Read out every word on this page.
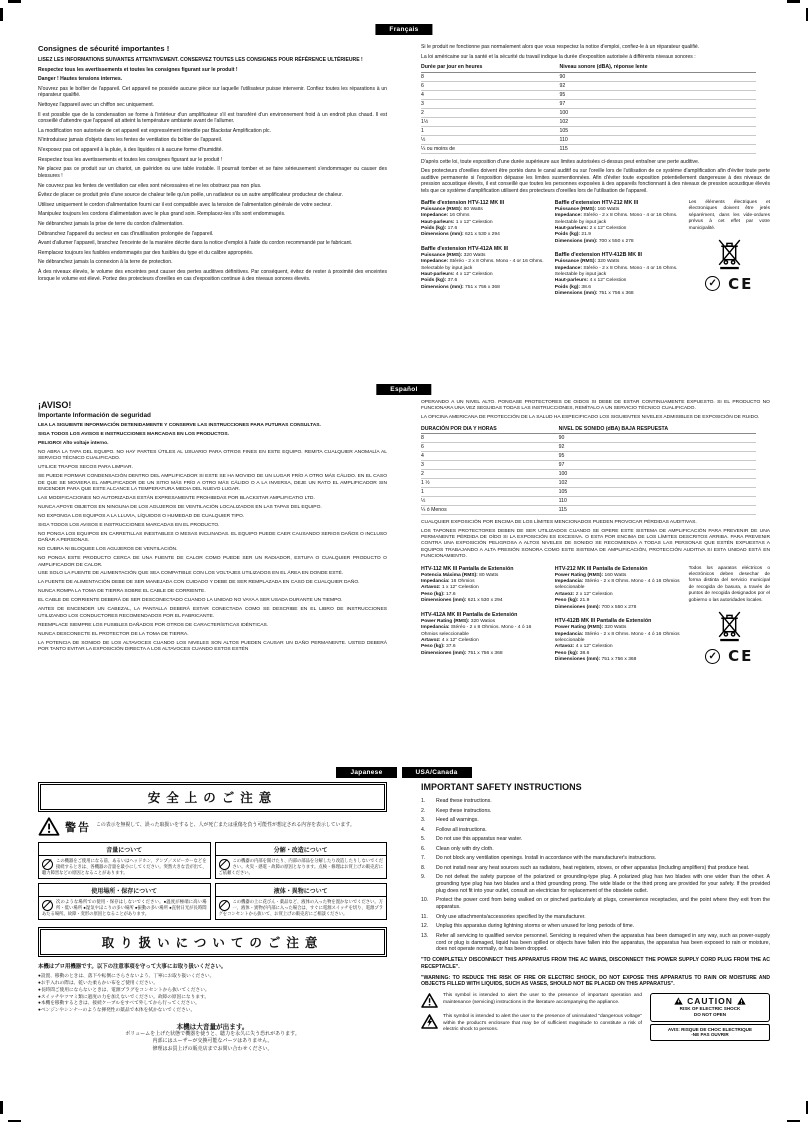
Français
Español
Japanese	USA/Canada
Consignes de sécurité importantes !

LISEZ LES INFORMATIONS SUIVANTES ATTENTIVEMENT. CONSERVEZ TOUTES LES CONSIGNES POUR RÉFÉRENCE ULTÉRIEURE !

Respectez tous les avertissements et toutes les consignes figurant sur le produit !

Danger ! Hautes tensions internes.

N'ouvrez pas le boîtier de l'appareil. Cet appareil ne possède aucune pièce sur laquelle l'utilisateur puisse intervenir. Confiez toutes les réparations à un réparateur qualifié.

Nettoyez l'appareil avec un chiffon sec uniquement.

Il est possible que de la condensation se forme à l'intérieur d'un amplificateur s'il est transféré d'un environnement froid à un endroit plus chaud. Il est conseillé d'attendre que l'appareil ait atteint la température ambiante avant de l'allumer.

La modification non autorisée de cet appareil est expressément interdite par Blackstar Amplification plc.

N'introduisez jamais d'objets dans les fentes de ventilation du boîtier de l'appareil.

N'exposez pas cet appareil à la pluie, à des liquides ni à aucune forme d'humidité.

Respectez tous les avertissements et toutes les consignes figurant sur le produit !

Ne placez pas ce produit sur un chariot, un guéridon ou une table instable. Il pourrait tomber et se faire sérieusement s'endommager ou causer des blessures !

Ne couvrez pas les fentes de ventilation car elles sont nécessaires et ne les obstruez pas non plus.

Évitez de placer ce produit près d'une source de chaleur telle qu'un poêle, un radiateur ou un autre amplificateur producteur de chaleur.

Utilisez uniquement le cordon d'alimentation fourni car il est compatible avec la tension de l'alimentation générale de votre secteur.

Manipulez toujours les cordons d'alimentation avec le plus grand soin. Remplacez-les s'ils sont endommagés.

Ne débranchez jamais la prise de terre du cordon d'alimentation.

Débranchez l'appareil du secteur en cas d'inutilisation prolongée de l'appareil.

Avant d'allumer l'appareil, branchez l'enceinte de la manière décrite dans la notice d'emploi à l'aide du cordon recommandé par le fabricant.

Remplacez toujours les fusibles endommagés par des fusibles du type et du calibre appropriés.

Ne débranchez jamais la connexion à la terre de protection.

À des niveaux élevés, le volume des enceintes peut causer des pertes auditives définitives. Par conséquent, évitez de rester à proximité des enceintes lorsque le volume est élevé. Portez des protecteurs d'oreilles en cas d'exposition continue à des niveaux sonores élevés.

Si le produit ne fonctionne pas normalement alors que vous respectez la notice d'emploi, confiez-le à un réparateur qualifié.

La loi américaine sur la santé et la sécurité du travail indique la durée d'exposition autorisée à différents niveaux sonores :

Durée par jour en heures	Niveau sonore (dBA), réponse lente
8	90
6	92
4	95
3	97
2	100
1½	102
1	105
½	110
¼ ou moins de	115

D'après cette loi, toute exposition d'une durée supérieure aux limites autorisées ci-dessus peut entraîner une perte auditive.

Des protecteurs d'oreilles doivent être portés dans le canal auditif ou sur l'oreille lors de l'utilisation de ce système d'amplification afin d'éviter toute perte auditive permanente si l'exposition dépasse les limites susmentionnées. Afin d'éviter toute exposition potentiellement dangereuse à des niveaux de pression acoustique élevés, il est conseillé que toutes les personnes exposées à des appareils fonctionnant à des niveaux de pression acoustique élevés tels que ce système d'amplification utilisent des protecteurs d'oreilles lors de l'utilisation de l'appareil.

Baffle d'extension HTV-112 MK III
Puissance (RMS): 80 Watts
Impedance: 16 Ohms
Haut-parleurs: 1 x 12" Celestion
Poids (kg): 17.6
Dimensions (mm): 621 x 530 x 294
Baffle d'extension HTV-412A MK III
Puissance (RMS): 320 Watts
Impedance: Stéréo - 2 x 8 Ohms. Mono - 4 or 16 Ohms. Selectable by input jack
Haut-parleurs: 4 x 12" Celestion
Poids (kg): 37.6
Dimensions (mm): 751 x 756 x 368
Baffle d'extension HTV-212 MK III
Puissance (RMS): 160 Watts
Impedance: Stéréo - 2 x 8 Ohms. Mono - 4 or 16 Ohms. Selectable by input jack
Haut-parleurs: 2 x 12" Celestion
Poids (kg): 21.9
Dimensions (mm): 700 x 550 x 278
Baffle d'extension HTV-412B MK III
Puissance (RMS): 320 Watts
Impedance: Stéréo - 2 x 8 Ohms. Mono - 4 or 16 Ohms. Selectable by input jack
Haut-parleurs: 4 x 12" Celestion
Poids (kg): 38.6
Dimensions (mm): 751 x 756 x 368

Les éléments électriques et électroniques doivent être jetés séparément, dans les vide-ordures prévus à cet effet par votre municipalité.

✓ CE
¡AVISO!
Importante Información de seguridad

LEA LA SIGUIENTE INFORMACIÓN DETENIDAMENTE Y CONSERVE LAS INSTRUCCIONES PARA FUTURAS CONSULTAS.

SIGA TODOS LOS AVISOS E INSTRUCCIONES MARCADAS EN LOS PRODUCTOS.

PELIGRO! Alto voltaje interno.

NO ABRA LA TAPA DEL EQUIPO. NO HAY PARTES ÚTILES AL USUARIO PARA OTROS FINES EN ESTE EQUIPO. REMITA CUALQUIER ANOMALÍA AL SERVICIO TÉCNICO CUALIFICADO.

UTILICE TRAPOS SECOS PARA LIMPIAR.

SE PUEDE FORMAR CONDENSACIÓN DENTRO DEL AMPLIFICADOR SI ESTE SE HA MOVIDO DE UN LUGAR FRÍO A OTRO MÁS CÁLIDO. EN EL CASO DE QUE SE MOVIERA EL AMPLIFICADOR DE UN SITIO MÁS FRÍO A OTRO MÁS CÁLIDO O A LA INVERSA, DEJE UN RATO EL AMPLIFICADOR SIN ENCENDER PARA QUE ESTE ALCANCE LA TEMPERATURA MEDIA DEL NUEVO LUGAR.

LAS MODIFICACIONES NO AUTORIZADAS ESTÁN EXPRESAMENTE PROHIBIDAS POR BLACKSTAR AMPLIFICATIO LTD.

NUNCA APOYE OBJETOS EN NINGUNA DE LOS AGUJEROS DE VENTILACIÓN LOCALIZADOS EN LAS TAPAS DEL EQUIPO.

NO EXPONGA LOS EQUIPOS A LA LLUVIA, LÍQUIDOS O HUMEDAD DE CUALQUIER TIPO.

SIGA TODOS LOS AVISOS E INSTRUCCIONES MARCADAS EN EL PRODUCTO.

NO PONGA LOS EQUIPOS EN CARRETILLAS INESTABLES O MESAS INCLINADAS. EL EQUIPO PUEDE CAER CAUSANDO SERIOS DAÑOS O INCLUSO DAÑAR A PERSONAS.

NO CUBRA NI BLOQUEE LOS AGUJEROS DE VENTILACIÓN.

NO PONGA ESTE PRODUCTO CERCA DE UNA FUENTE DE CALOR COMO PUEDE SER UN RADIADOR, ESTUFA O CUALQUIER PRODUCTO O AMPLIFICADOR DE CALOR.

USE SOLO LA FUENTE DE ALIMENTACIÓN QUE SEA COMPATIBLE CON LOS VOLTAJES UTILIZADOS EN EL ÁREA EN DONDE ESTÉ.

LA FUENTE DE ALIMENTACIÓN DEBE DE SER MANEJADA CON CUIDADO Y DEBE DE SER REMPLAZADA EN CASO DE CUALQUIER DAÑO.

NUNCA ROMPA LA TOMA DE TIERRA SOBRE EL CABLE DE CORRIENTE.

EL CABLE DE CORRIENTE DEBERÁ DE SER DESCONECTADO CUANDO LA UNIDAD NO VAYA A SER USADA DURANTE UN TIEMPO.

ANTES DE ENCENDER UN CABEZAL, LA PANTALLA DEBERÁ ESTAR CONECTADA COMO SE DESCRIBE EN EL LIBRO DE INSTRUCCIONES UTILIZANDO LOS CONDUCTORES RECOMENDADOS POR EL FABRICANTE.

REEMPLACE SIEMPRE LOS FUSIBLES DAÑADOS POR OTROS DE CARACTERÍSTICAS IDÉNTICAS.

NUNCA DESCONECTE EL PROTECTOR DE LA TOMA DE TIERRA.

LA POTENCIA DE SONIDO DE LOS ALTAVOCES CUANDO LOS NIVELES SON ALTOS PUEDEN CAUSAR UN DAÑO PERMANENTE. USTED DEBERÁ POR TANTO EVITAR LA EXPOSICIÓN DIRECTA A LOS ALTAVOCES CUANDO ESTOS ESTÉN

OPERANDO A UN NIVEL ALTO. PÓNGASE PROTECTORES DE OÍDOS SI DEBE DE ESTAR CONTINUAMENTE EXPUESTO. SI EL PRODUCTO NO FUNCIONARA UNA VEZ SEGUIDAS TODAS LAS INSTRUCCIONES, REMÍTALO A UN SERVICIO TÉCNICO CUALIFICADO.

LA OFICINA AMERICANA DE PROTECCIÓN DE LA SALUD HA ESPECIFICADO LOS SIGUIENTES NIVELES ADMISIBLES DE EXPOSICIÓN DE RUIDO.

DURACIÓN POR DIA Y HORAS	NIVEL DE SONIDO (dBA) BAJA RESPUESTA
8	90
6	92
4	95
3	97
2	100
1 ½	102
1	105
½	110
¼ ó Menos	115

CUALQUIER EXPOSICIÓN POR ENCIMA DE LOS LÍMITES MENCIONADOS PUEDEN PROVOCAR PÉRDIDAS AUDITIVAS.

LOS TAPONES PROTECTORES DEBEN DE SER UTILIZADOS CUANDO SE OPERE ESTE SISTEMA DE AMPLIFICACIÓN PARA PREVENIR DE UNA PERMANENTE PÉRDIDA DE OÍDO SI LA EXPOSICIÓN ES EXCESIVA. O ESTA POR ENCIMA DE LOS LÍMITES DESCRITOS ARRIBA. PARA PREVENIR CONTRA UNA EXPOSICIÓN PELIGROSA A ALTOS NIVELES DE SONIDO SE RECOMIENDA A TODAS LAS PERSONAS QUE ESTÉN EXPUESTAS A EQUIPOS TRABAJANDO A ALTA PRESIÓN SONORA COMO ESTE SISTEMA DE AMPLIFICACIÓN, PROTECCIÓN AUDITIVA SI ESTA UNIDAD ESTÁ EN FUNCIONAMIENTO.

HTV-112 MK III Pantalla de Extensión
Potencia Máxima (RMS): 80 Watts
Impedancia: 16 Ohmios
Artavoz: 1 x 12" Celestion
Peso (kg): 17.6
Dimensiones (mm): 621 x 530 x 294
HTV-412A MK III Pantalla de Extensión
Power Rating (RMS): 320 Watios
Impedancia: Stéréo - 2 x 8 Ohmios. Mono - 4 ó 16 Ohmios seleccionable
Artavoz: 4 x 12" Celestion
Peso (kg): 37.6
Dimensiones (mm): 751 x 756 x 368
HTV-212 MK III Pantalla de Extensión
Power Rating (RMS): 160 Watts
Impedancia: Stéréo - 2 x 8 Ohms. Mono - 4 ó 16 Ohmios seleccionable
Artavoz: 2 x 12" Celestion
Peso (kg): 21.9
Dimensiones (mm): 700 x 550 x 278
HTV-412B MK III Pantalla de Extensión
Power Rating (RMS): 320 Watts
Impedancia: Stéréo - 2 x 8 Ohms. Mono - 4 ó 16 Ohmios seleccionable
Artavoz: 4 x 12" Celestion
Peso (kg): 38.6
Dimensiones (mm): 751 x 756 x 368

Todos los aparatos eléctricos o electrónicos deben desechar de forma distinta del servicio municipal de recogida de basura, a través de puntos de recogida designados por el gobierno o las autoridades locales.

✓ CE
安全上のご注意
警告 この表示を無視して、誤った取扱いをすると、人が死亡または重傷を負う可能性が想定される内容を表示しています。
音量について
この機器をご使用になる前、あるいはヘッドホン、アンプ／スピーカーなどを接続するときは、各機器の音量を最小にしてください。突然大きな音が出て、聴力障害などの原因となることがあります。
分解・改造について
この機器の内部を開けたり、内部の部品を分解したり改造したりしないでください。火災・感電・故障の原因となります。点検・修理はお買上げの販売店にご依頼ください。
使用場所・保存について
次のような場所での使用・保存はしないでください。●温度が極端に高い場所・低い場所 ●湿気やほこりの多い場所 ●振動の多い場所 ●直射日光が長時間あたる場所。故障・変形の原因となることがあります。
液体・異物について
この機器の上に花びん・薬品など、液体の入った物を置かないでください。万一、液体・異物が内部に入った場合は、すぐに電源スイッチを切り、電源プラグをコンセントから抜いて、お買上げの販売店にご相談ください。
取り扱いについてのご注意
本機はプロ用機器です。以下の注意事項を守って大事にお取り扱いください。
●設置、移動のときは、落下や転倒にさらさないよう、丁寧にお取り扱いください。
●お手入れの際は、乾いた柔らかい布をご使用ください。
●長時間ご使用にならないときは、電源プラグをコンセントから抜いてください。
●スイッチやツマミ類に過度の力を加えないでください。故障の原因になります。
●本機を移動するときは、接続ケーブルをすべて外してから行ってください。
●ベンジンやシンナーのような揮発性の薬品で本体を拭かないでください。
本機は大音量が出ます。
ボリュームを上げた状態で機器を使うと、聴力を永久に失う恐れがあります。
内部にはユーザーが交換可能なパーツはありません。
修理はお買上げの販売店までお問い合わせください。
IMPORTANT SAFETY INSTRUCTIONS
1.	Read these instructions.
2.	Keep these instructions.
3.	Heed all warnings.
4.	Follow all instructions.
5.	Do not use this apparatus near water.
6.	Clean only with dry cloth.
7.	Do not block any ventilation openings. Install in accordance with the manufacturer's instructions.
8.	Do not install near any heat sources such as radiators, heat registers, stoves, or other apparatus (including amplifiers) that produce heat.
9.	Do not defeat the safety purpose of the polarized or grounding-type plug. A polarized plug has two blades with one wider than the other. A grounding type plug has two blades and a third grounding prong. The wide blade or the third prong are provided for your safety. If the provided plug does not fit into your outlet, consult an electrician for replacement of the obsolete outlet.
10.	Protect the power cord from being walked on or pinched particularly at plugs, convenience receptacles, and the point where they exit from the apparatus.
11.	Only use attachments/accessories specified by the manufacturer.
12.	Unplug this apparatus during lightning storms or when unused for long periods of time.
13.	Refer all servicing to qualified service personnel. Servicing is required when the apparatus has been damaged in any way, such as power-supply cord or plug is damaged, liquid has been spilled or objects have fallen into the apparatus, the apparatus has been exposed to rain or moisture, does not operate normally, or has been dropped.

"TO COMPLETELY DISCONNECT THIS APPARATUS FROM THE AC MAINS, DISCONNECT THE POWER SUPPLY CORD PLUG FROM THE AC RECEPTACLE".

"WARNING: TO REDUCE THE RISK OF FIRE OR ELECTRIC SHOCK, DO NOT EXPOSE THIS APPARATUS TO RAIN OR MOISTURE AND OBJECTS FILLED WITH LIQUIDS, SUCH AS VASES, SHOULD NOT BE PLACED ON THIS APPARATUS".

This symbol is intended to alert the user to the presence of important operation and maintenance (servicing) instructions in the literature accompanying the appliance.

This symbol is intended to alert the user to the presence of uninsulated "dangerous voltage" within the product's enclosure that may be of sufficient magnitude to constitute a risk of electric shock to persons.

CAUTION
RISK OF ELECTRIC SHOCK
DO NOT OPEN
AVIS: RISQUE DE CHOC ELECTRIQUE
-NE PAS OUVRIR
